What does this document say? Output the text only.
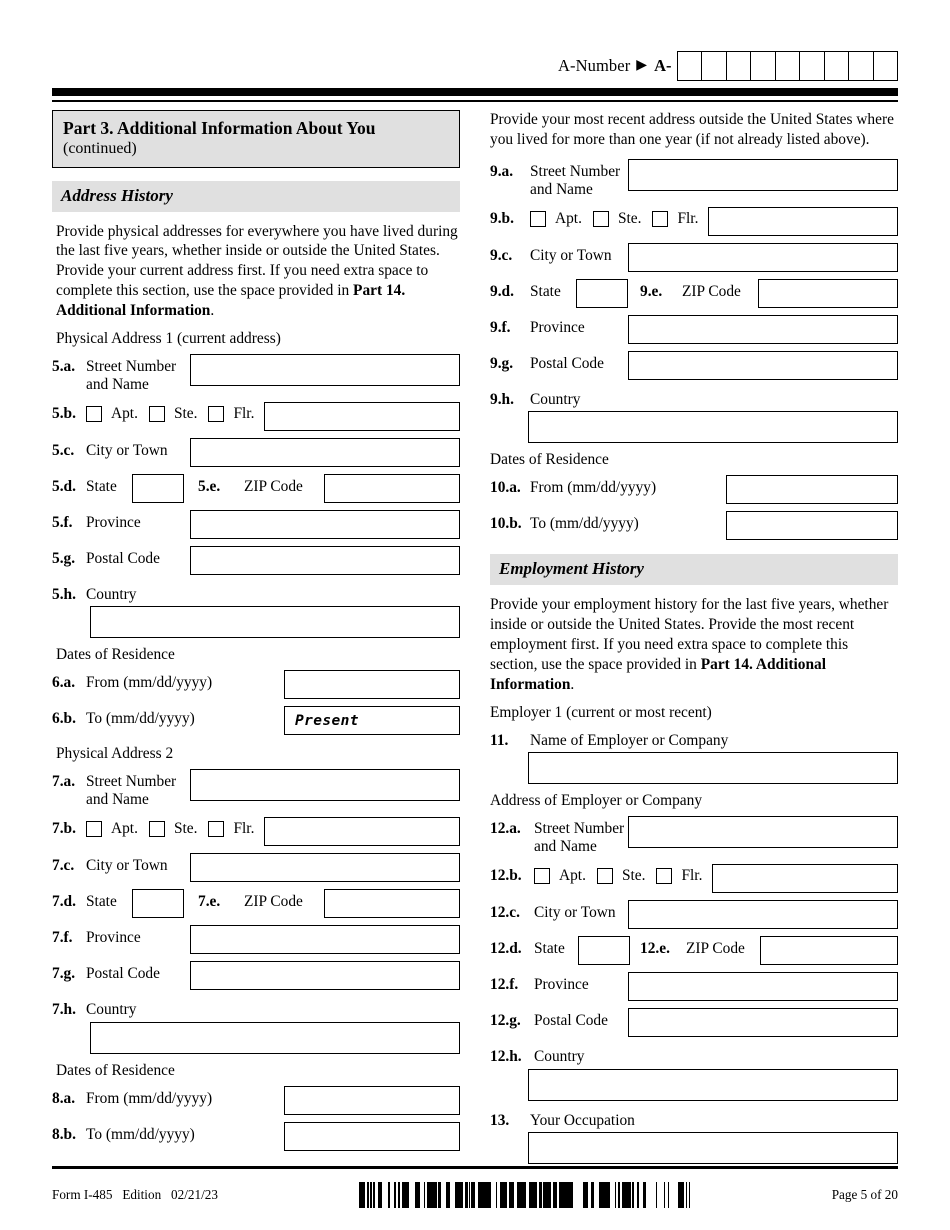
A-Number ▶ A-
Part 3. Additional Information About You
(continued)
Address History

Provide physical addresses for everywhere you have lived during the last five years, whether inside or outside the United States. Provide your current address first. If you need extra space to complete this section, use the space provided in Part 14. Additional Information.

Physical Address 1 (current address)
5.a. Street Number
and Name
5.b.	Apt. Ste. Flr.
5.c. City or Town
5.d. State	5.e.	ZIP Code
5.f. Province
5.g. Postal Code
5.h. Country
Dates of Residence
6.a. From (mm/dd/yyyy)
6.b. To (mm/dd/yyyy)	Present
Physical Address 2
7.a. Street Number
and Name
7.b.	Apt. Ste. Flr.
7.c. City or Town
7.d. State	7.e.	ZIP Code
7.f. Province
7.g. Postal Code
7.h. Country
Dates of Residence
8.a. From (mm/dd/yyyy)
8.b. To (mm/dd/yyyy)

Provide your most recent address outside the United States where you lived for more than one year (if not already listed above).

9.a.	Street Number
and Name
9.b.	Apt. Ste. Flr.
9.c.	City or Town
9.d.	State	9.e.	ZIP Code
9.f.	Province
9.g.	Postal Code
9.h.	Country
Dates of Residence
10.a. From (mm/dd/yyyy)
10.b. To (mm/dd/yyyy)
Employment History

Provide your employment history for the last five years, whether inside or outside the United States. Provide the most recent employment first. If you need extra space to complete this section, use the space provided in Part 14. Additional Information.

Employer 1 (current or most recent)
11.	Name of Employer or Company
Address of Employer or Company
12.a. Street Number
and Name
12.b.	Apt. Ste. Flr.
12.c. City or Town
12.d. State	12.e.	ZIP Code
12.f.	Province
12.g. Postal Code
12.h. Country
13.	Your Occupation
Form I-485   Edition   02/21/23	Page 5 of 20
